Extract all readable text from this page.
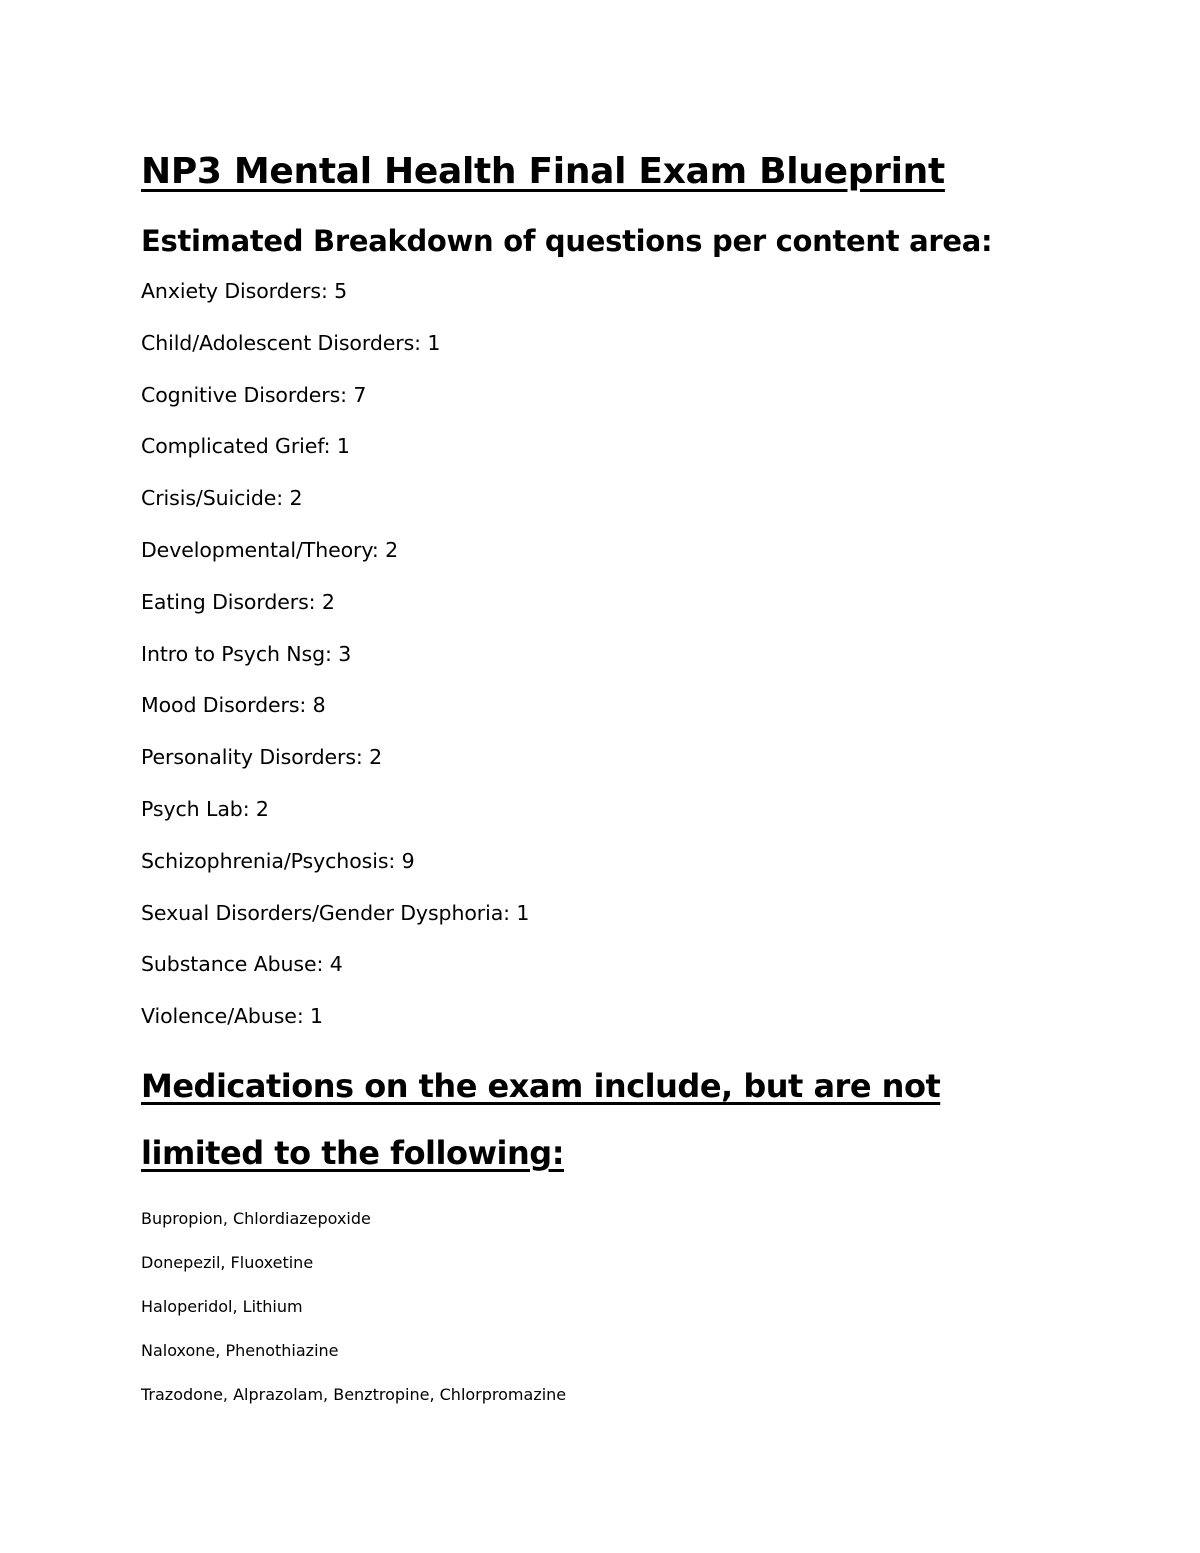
NP3 Mental Health Final Exam Blueprint
Estimated Breakdown of questions per content area:
Anxiety Disorders: 5
Child/Adolescent Disorders: 1
Cognitive Disorders: 7
Complicated Grief: 1
Crisis/Suicide: 2
Developmental/Theory: 2
Eating Disorders: 2
Intro to Psych Nsg: 3
Mood Disorders: 8
Personality Disorders: 2
Psych Lab: 2
Schizophrenia/Psychosis: 9
Sexual Disorders/Gender Dysphoria: 1
Substance Abuse: 4
Violence/Abuse: 1
Medications on the exam include, but are not limited to the following:
Bupropion, Chlordiazepoxide
Donepezil, Fluoxetine
Haloperidol, Lithium
Naloxone, Phenothiazine
Trazodone, Alprazolam, Benztropine, Chlorpromazine
